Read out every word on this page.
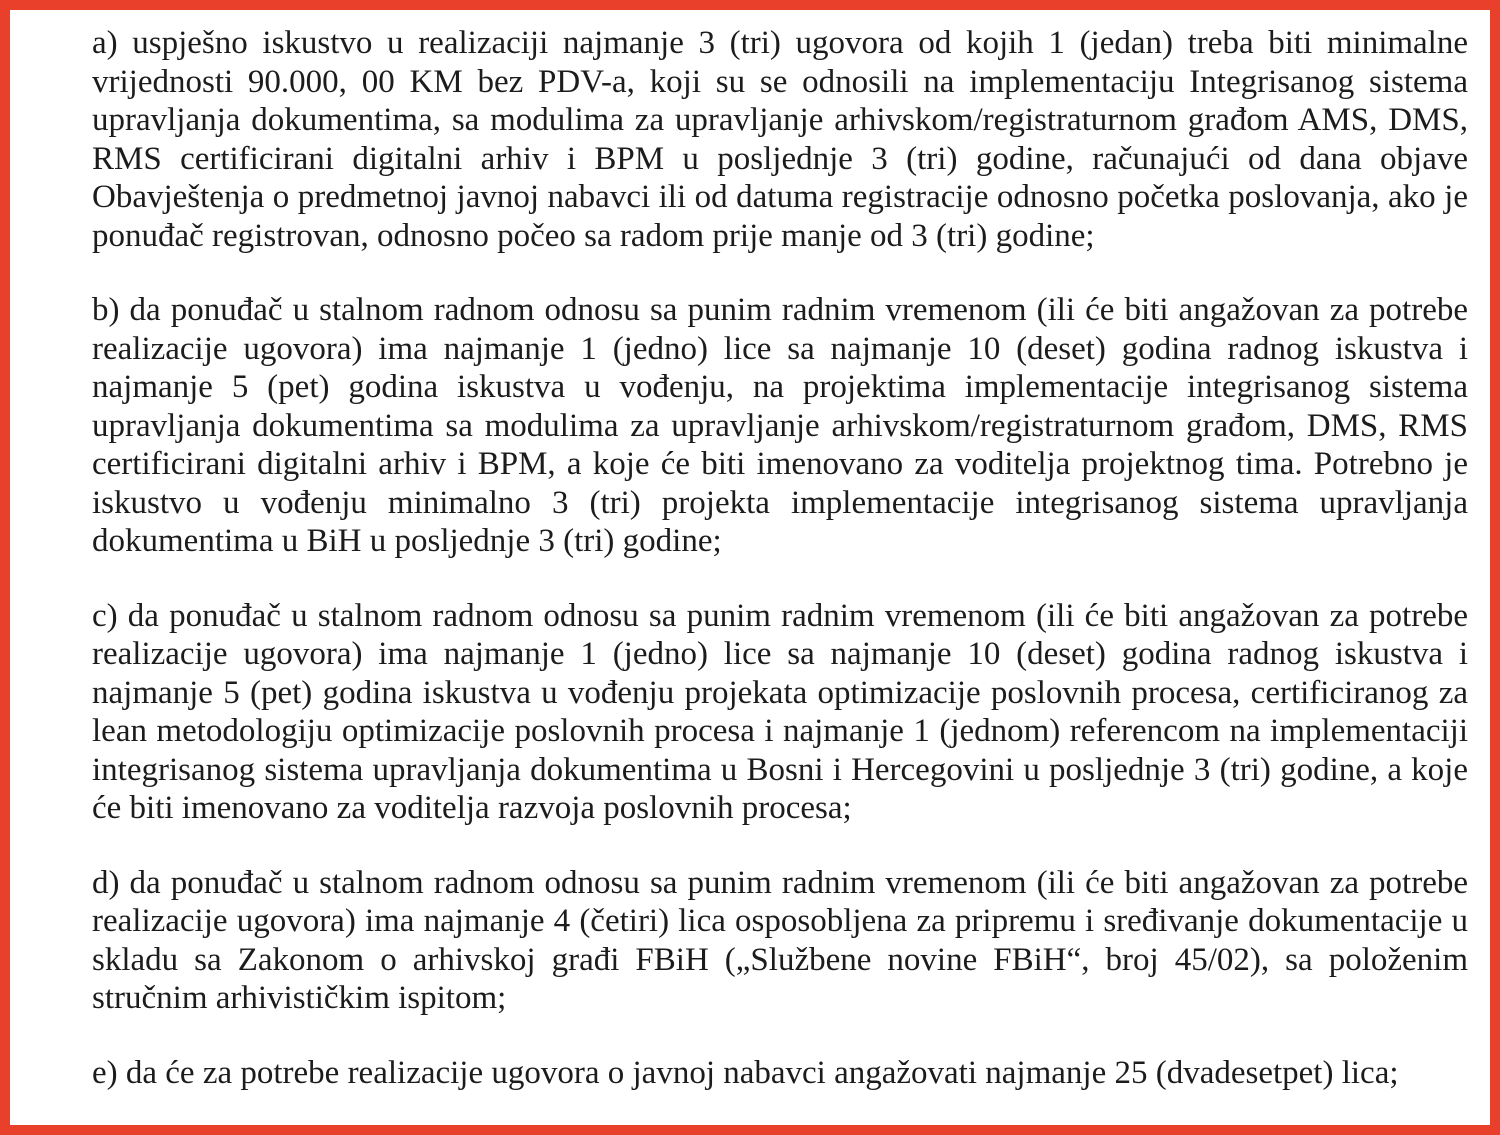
a) uspješno iskustvo u realizaciji najmanje 3 (tri) ugovora od kojih 1 (jedan) treba biti minimalne vrijednosti 90.000, 00 KM bez PDV-a, koji su se odnosili na implementaciju Integrisanog sistema upravljanja dokumentima, sa modulima za upravljanje arhivskom/registraturnom građom AMS, DMS, RMS certificirani digitalni arhiv i BPM u posljednje 3 (tri) godine, računajući od dana objave Obavještenja o predmetnoj javnoj nabavci ili od datuma registracije odnosno početka poslovanja, ako je ponuđač registrovan, odnosno počeo sa radom prije manje od 3 (tri) godine;

b) da ponuđač u stalnom radnom odnosu sa punim radnim vremenom (ili će biti angažovan za potrebe realizacije ugovora) ima najmanje 1 (jedno) lice sa najmanje 10 (deset) godina radnog iskustva i najmanje 5 (pet) godina iskustva u vođenju, na projektima implementacije integrisanog sistema upravljanja dokumentima sa modulima za upravljanje arhivskom/registraturnom građom, DMS, RMS certificirani digitalni arhiv i BPM, a koje će biti imenovano za voditelja projektnog tima. Potrebno je iskustvo u vođenju minimalno 3 (tri) projekta implementacije integrisanog sistema upravljanja dokumentima u BiH u posljednje 3 (tri) godine;

c) da ponuđač u stalnom radnom odnosu sa punim radnim vremenom (ili će biti angažovan za potrebe realizacije ugovora) ima najmanje 1 (jedno) lice sa najmanje 10 (deset) godina radnog iskustva i najmanje 5 (pet) godina iskustva u vođenju projekata optimizacije poslovnih procesa, certificiranog za lean metodologiju optimizacije poslovnih procesa i najmanje 1 (jednom) referencom na implementaciji integrisanog sistema upravljanja dokumentima u Bosni i Hercegovini u posljednje 3 (tri) godine, a koje će biti imenovano za voditelja razvoja poslovnih procesa;

d) da ponuđač u stalnom radnom odnosu sa punim radnim vremenom (ili će biti angažovan za potrebe realizacije ugovora) ima najmanje 4 (četiri) lica osposobljena za pripremu i sređivanje dokumentacije u skladu sa Zakonom o arhivskoj građi FBiH („Službene novine FBiH“, broj 45/02), sa položenim stručnim arhivističkim ispitom;

e) da će za potrebe realizacije ugovora o javnoj nabavci angažovati najmanje 25 (dvadesetpet) lica;
